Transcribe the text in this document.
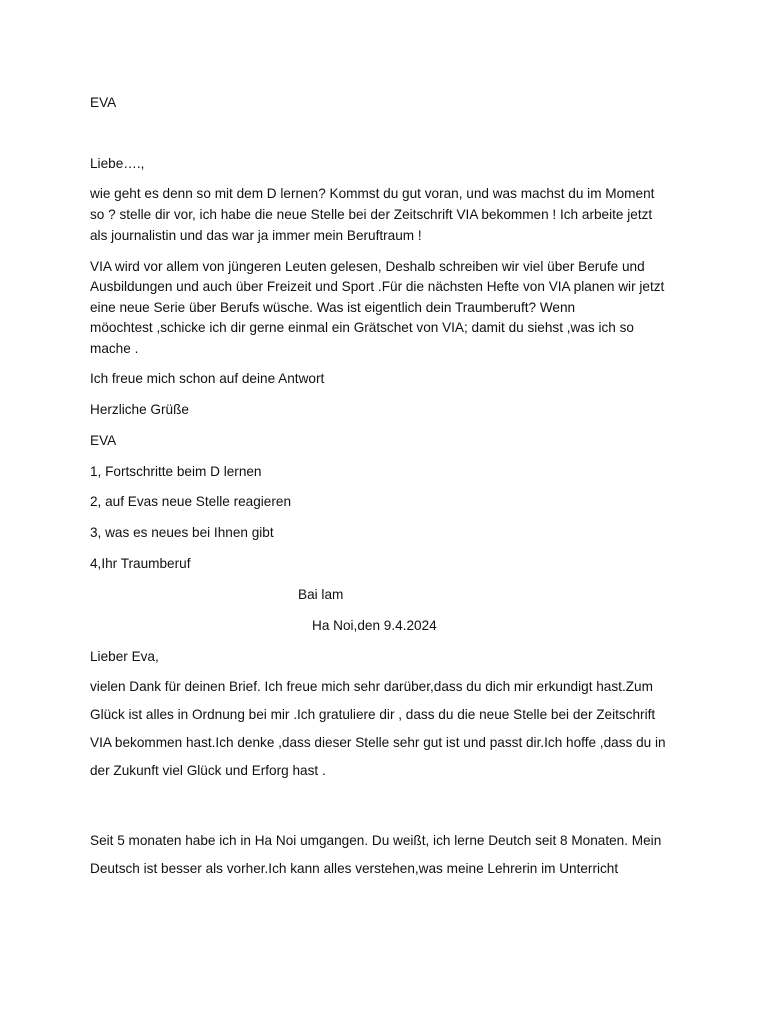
EVA
Liebe….,
wie geht es denn so mit dem D lernen? Kommst du gut voran, und was machst du im Moment
so ? stelle dir vor, ich habe die neue Stelle bei der Zeitschrift VIA bekommen ! Ich arbeite jetzt
als journalistin und das war ja immer mein Beruftraum !
VIA wird vor allem von jüngeren Leuten gelesen, Deshalb schreiben wir viel über Berufe und
Ausbildungen und auch über Freizeit und Sport .Für die nächsten Hefte von VIA planen wir jetzt
eine neue Serie über Berufs wüsche. Was ist eigentlich dein Traumberuft? Wenn
möochtest ,schicke ich dir gerne einmal ein Grätschet von VIA; damit du siehst ,was ich so
mache .
Ich freue mich schon auf deine Antwort
Herzliche Grüße
EVA
1, Fortschritte beim D lernen
2, auf Evas neue Stelle reagieren
3, was es neues bei Ihnen gibt
4,Ihr Traumberuf
Bai lam
Ha Noi,den 9.4.2024
Lieber Eva,
vielen Dank für deinen Brief. Ich freue mich sehr darüber,dass du dich mir erkundigt hast.Zum
Glück ist alles in Ordnung bei mir .Ich gratuliere dir , dass du die neue Stelle bei der Zeitschrift
VIA bekommen hast.Ich denke ,dass dieser Stelle sehr gut ist und passt dir.Ich hoffe ,dass du in
der Zukunft viel Glück und Erforg hast .
Seit 5 monaten habe ich in Ha Noi umgangen. Du weißt, ich lerne Deutch seit 8 Monaten. Mein
Deutsch ist besser als vorher.Ich kann alles verstehen,was meine Lehrerin im Unterricht
